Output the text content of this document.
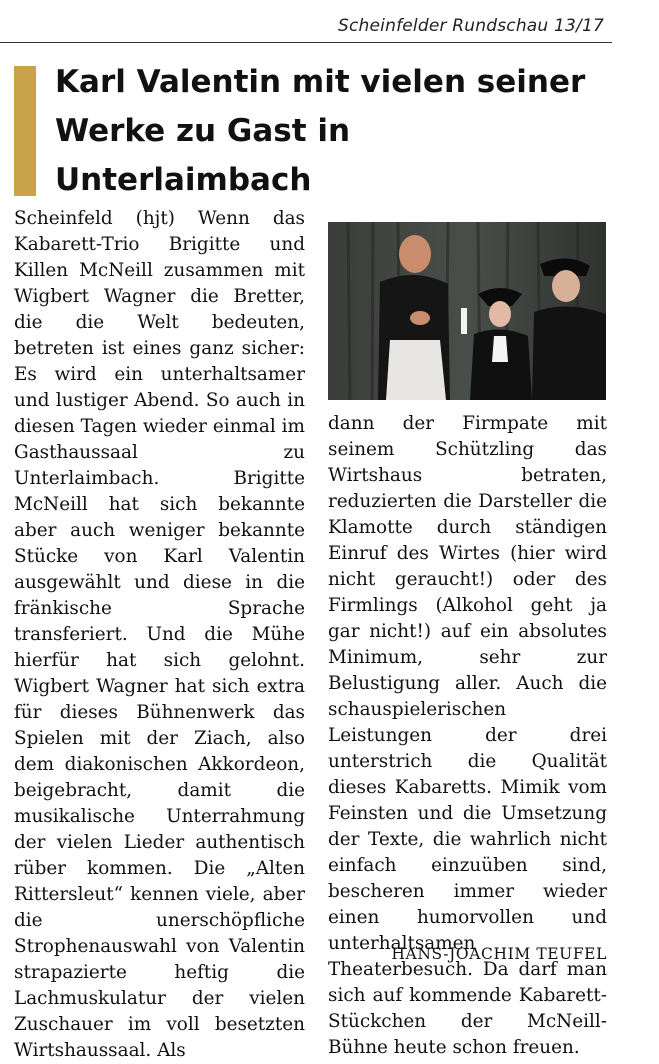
Scheinfelder Rundschau 13/17
Karl Valentin mit vielen seiner Werke zu Gast in Unterlaimbach
Scheinfeld (hjt) Wenn das Kabarett-Trio Brigitte und Killen McNeill zusammen mit Wigbert Wagner die Bretter, die die Welt bedeuten, betreten ist eines ganz sicher: Es wird ein unterhaltsamer und lustiger Abend. So auch in diesen Tagen wieder einmal im Gasthaussaal zu Unterlaimbach. Brigitte McNeill hat sich bekannte aber auch weniger bekannte Stücke von Karl Valentin ausgewählt und diese in die fränkische Sprache transferiert. Und die Mühe hierfür hat sich gelohnt. Wigbert Wagner hat sich extra für dieses Bühnenwerk das Spielen mit der Ziach, also dem diakonischen Akkordeon, beigebracht, damit die musikalische Unterrahmung der vielen Lieder authentisch rüber kommen. Die „Alten Rittersleut“ kennen viele, aber die unerschöpfliche Strophenauswahl von Valentin strapazierte heftig die Lachmuskulatur der vielen Zuschauer im voll besetzten Wirtshaussaal. Als
dann der Firmpate mit seinem Schützling das Wirtshaus betraten, reduzierten die Darsteller die Klamotte durch ständigen Einruf des Wirtes (hier wird nicht geraucht!) oder des Firmlings (Alkohol geht ja gar nicht!) auf ein absolutes Minimum, sehr zur Belustigung aller. Auch die schauspielerischen Leistungen der drei unterstrich die Qualität dieses Kabaretts. Mimik vom Feinsten und die Umsetzung der Texte, die wahrlich nicht einfach einzuüben sind, bescheren immer wieder einen humorvollen und unterhaltsamen Theaterbesuch. Da darf man sich auf kommende Kabarett-Stückchen der McNeill-Bühne heute schon freuen.
HANS-JOACHIM TEUFEL
